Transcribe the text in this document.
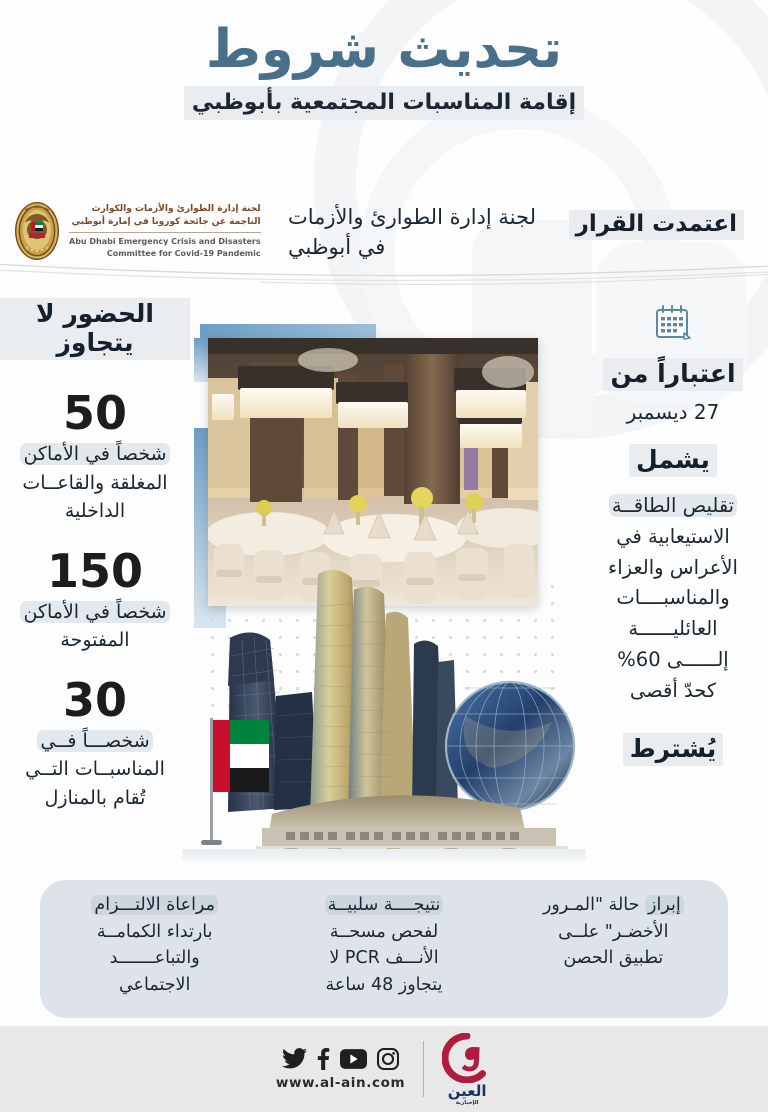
تحديث شروط
إقامة المناسبات المجتمعية بأبوظبي
اعتمدت القرار
لجنة إدارة الطوارئ والأزمات
في أبوظبي
لجنة إدارة الطوارئ والأزمات والكوارث
الناجمة عن جائحة كورونا في إمارة أبوظبي
Abu Dhabi Emergency Crisis and Disasters
Committee for Covid-19 Pandemic
الحضور لا يتجاوز
50
شخصاً في الأماكن
المغلقة والقاعــات
الداخلية
150
شخصاً في الأماكن
المفتوحة
30
شخصـــاً فــي
المناسبــات التــي
تُقام بالمنازل
اعتباراً من
27 ديسمبر
يشمل
تقليص الطاقــة
الاستيعابية في
الأعراس والعزاء
والمناسبــــات
العائليــــــة
إلــــــى 60%
كحدّ أقصى
يُشترط
إبراز حالة "المـرور
الأخضـر" علــى
تطبيق الحصن
نتيجــــة سلبيــة
لفحص مسحــة
الأنـــف PCR لا
يتجاوز 48 ساعة
مراعاة الالتـــزام
بارتداء الكمامــة
والتباعـــــــد
الاجتماعي
www.al-ain.com	العين
الإخبارية
